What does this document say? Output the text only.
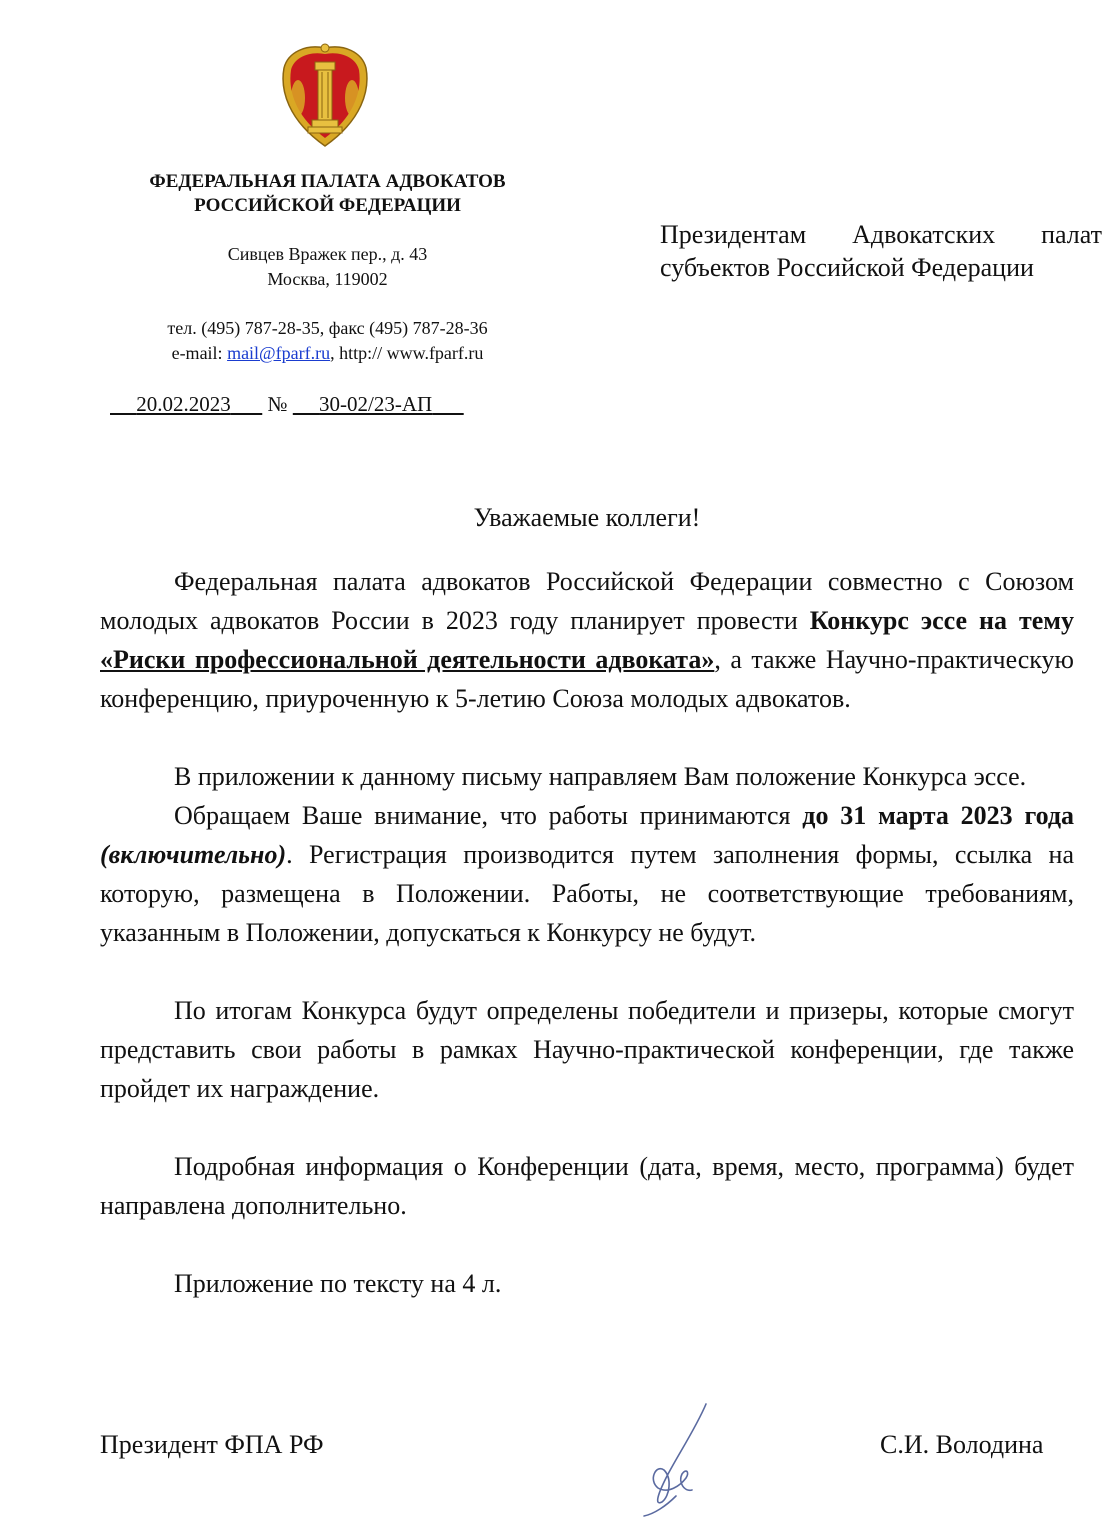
ФЕДЕРАЛЬНАЯ ПАЛАТА АДВОКАТОВ

РОССИЙСКОЙ ФЕДЕРАЦИИ

Сивцев Вражек пер., д. 43
Москва, 119002
тел. (495) 787-28-35, факс (495) 787-28-36
e-mail: mail@fparf.ru, http:// www.fparf.ru
20.02.2023 № 30-02/23-АП
Президентам Адвокатских палат
субъектов Российской Федерации
Уважаемые коллеги!

Федеральная палата адвокатов Российской Федерации совместно с Союзом молодых адвокатов России в 2023 году планирует провести Конкурс эссе на тему «Риски профессиональной деятельности адвоката», а также Научно-практическую конференцию, приуроченную к 5-летию Союза молодых адвокатов.

В приложении к данному письму направляем Вам положение Конкурса эссе.

Обращаем Ваше внимание, что работы принимаются до 31 марта 2023 года (включительно). Регистрация производится путем заполнения формы, ссылка на которую, размещена в Положении. Работы, не соответствующие требованиям, указанным в Положении, допускаться к Конкурсу не будут.

По итогам Конкурса будут определены победители и призеры, которые смогут представить свои работы в рамках Научно-практической конференции, где также пройдет их награждение.

Подробная информация о Конференции (дата, время, место, программа) будет направлена дополнительно.

Приложение по тексту на 4 л.

Президент ФПА РФ	С.И. Володина
